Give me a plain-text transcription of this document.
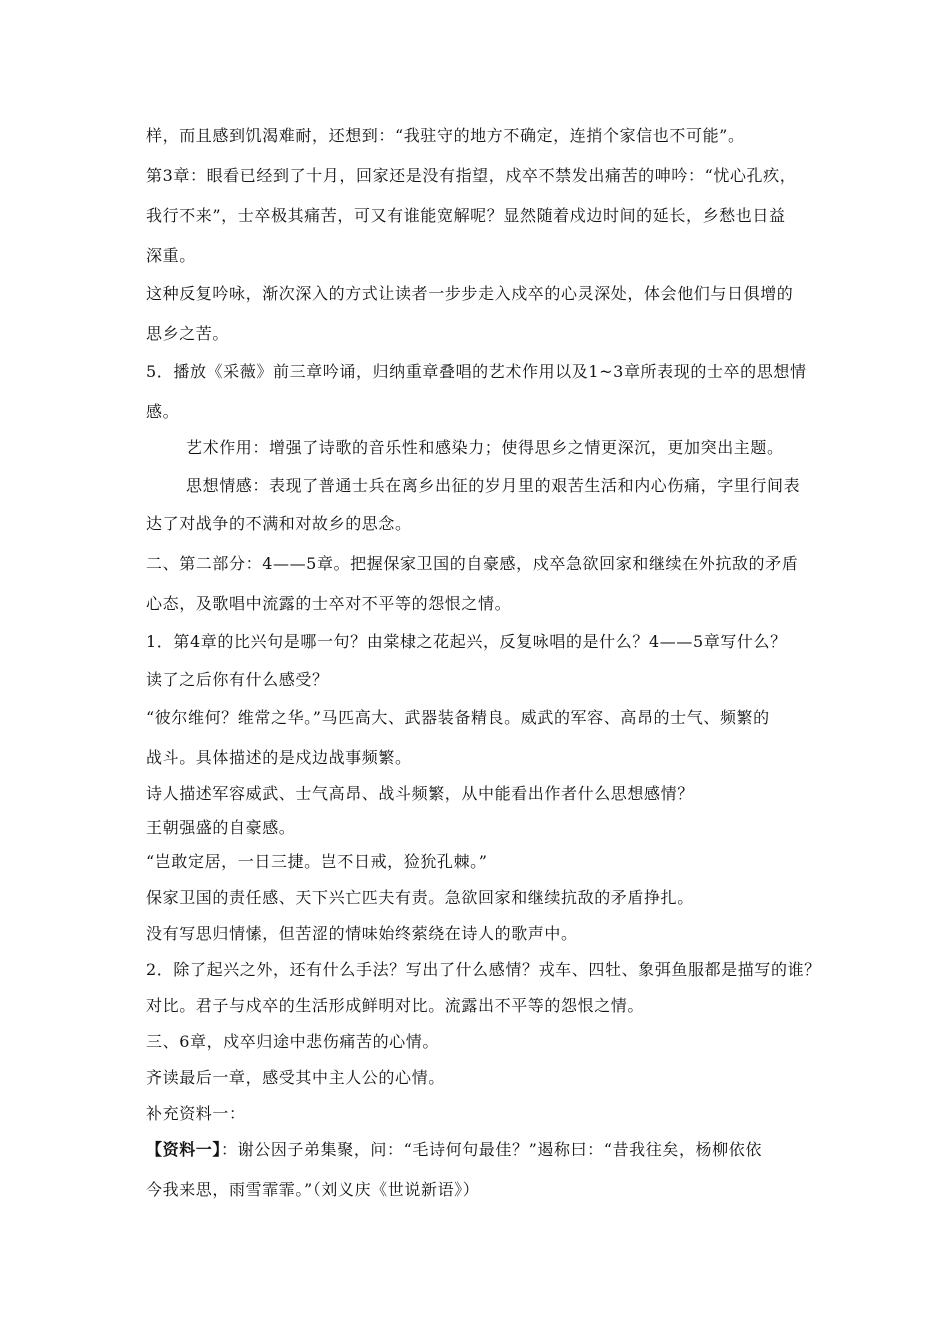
样，而且感到饥渴难耐，还想到：“我驻守的地方不确定，连捎个家信也不可能”。
第3章：眼看已经到了十月，回家还是没有指望，戍卒不禁发出痛苦的呻吟：“忧心孔疚，
我行不来”，士卒极其痛苦，可又有谁能宽解呢？显然随着戍边时间的延长，乡愁也日益
深重。
这种反复吟咏，渐次深入的方式让读者一步步走入戍卒的心灵深处，体会他们与日俱增的
思乡之苦。
5．播放《采薇》前三章吟诵，归纳重章叠唱的艺术作用以及1~3章所表现的士卒的思想情
感。
艺术作用：增强了诗歌的音乐性和感染力；使得思乡之情更深沉，更加突出主题。
思想情感：表现了普通士兵在离乡出征的岁月里的艰苦生活和内心伤痛，字里行间表
达了对战争的不满和对故乡的思念。
二、第二部分：4——5章。把握保家卫国的自豪感，戍卒急欲回家和继续在外抗敌的矛盾
心态，及歌唱中流露的士卒对不平等的怨恨之情。
1．第4章的比兴句是哪一句？由棠棣之花起兴，反复咏唱的是什么？4——5章写什么？
读了之后你有什么感受？
“彼尔维何？维常之华。”马匹高大、武器装备精良。威武的军容、高昂的士气、频繁的
战斗。具体描述的是戍边战事频繁。
诗人描述军容威武、士气高昂、战斗频繁，从中能看出作者什么思想感情？
王朝强盛的自豪感。
“岂敢定居，一日三捷。岂不日戒，猃狁孔棘。”
保家卫国的责任感、天下兴亡匹夫有责。急欲回家和继续抗敌的矛盾挣扎。
没有写思归情愫，但苦涩的情味始终萦绕在诗人的歌声中。
2．除了起兴之外，还有什么手法？写出了什么感情？戎车、四牡、象弭鱼服都是描写的谁？
对比。君子与戍卒的生活形成鲜明对比。流露出不平等的怨恨之情。
三、6章，戍卒归途中悲伤痛苦的心情。
齐读最后一章，感受其中主人公的心情。
补充资料一：
【资料一】：谢公因子弟集聚，问：“毛诗何句最佳？”遏称曰：“昔我往矣，杨柳依依
今我来思，雨雪霏霏。”（刘义庆《世说新语》）
